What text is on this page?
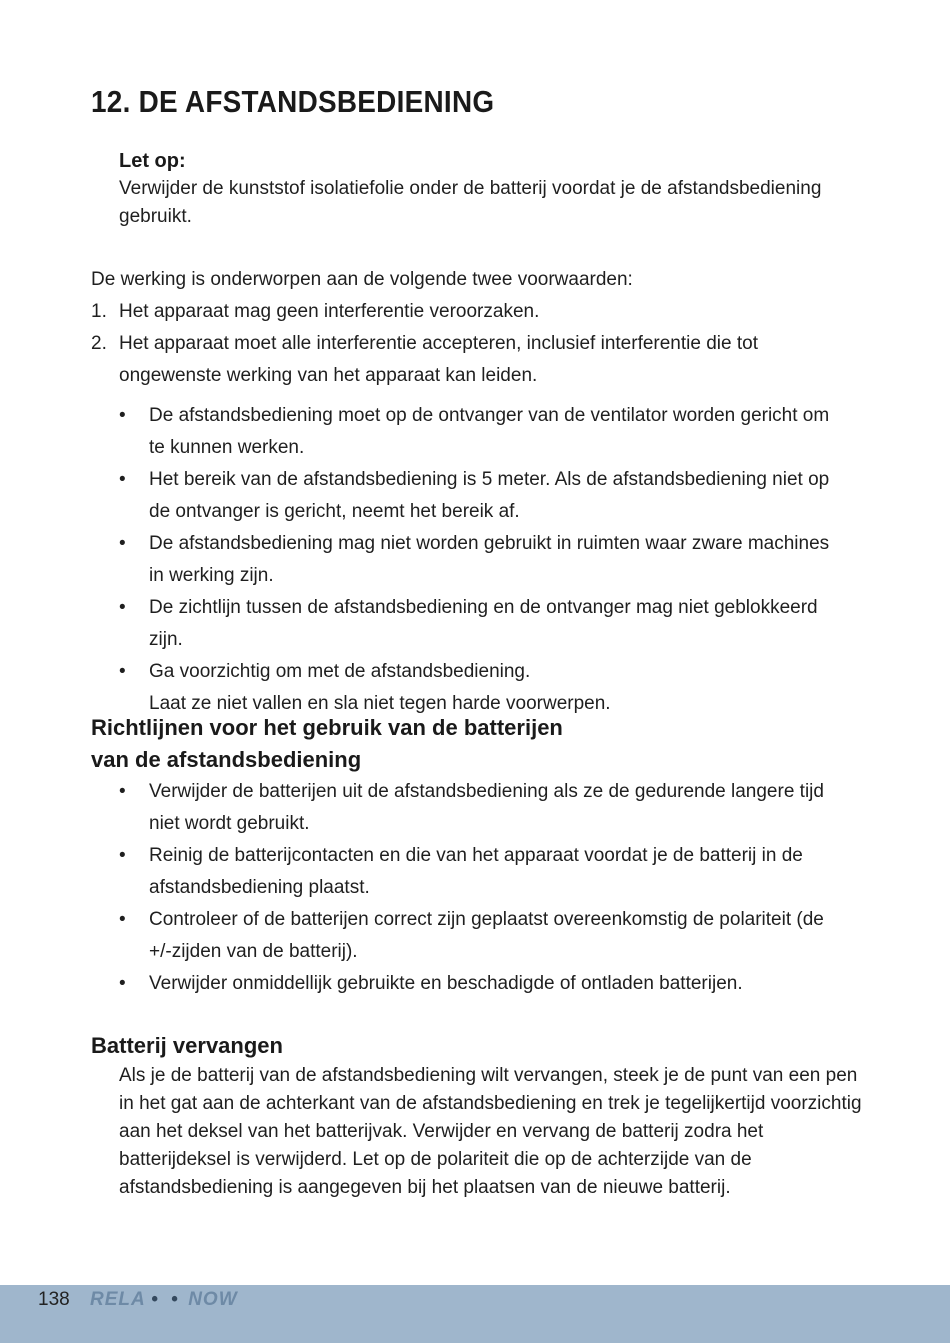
12. DE AFSTANDSBEDIENING
Let op:
Verwijder de kunststof isolatiefolie onder de batterij voordat je de afstandsbediening gebruikt.
De werking is onderworpen aan de volgende twee voorwaarden:
1. Het apparaat mag geen interferentie veroorzaken.
2. Het apparaat moet alle interferentie accepteren, inclusief interferentie die tot ongewenste werking van het apparaat kan leiden.
• De afstandsbediening moet op de ontvanger van de ventilator worden gericht om te kunnen werken.
• Het bereik van de afstandsbediening is 5 meter. Als de afstandsbediening niet op de ontvanger is gericht, neemt het bereik af.
• De afstandsbediening mag niet worden gebruikt in ruimten waar zware machines in werking zijn.
• De zichtlijn tussen de afstandsbediening en de ontvanger mag niet geblokkeerd zijn.
• Ga voorzichtig om met de afstandsbediening.
Laat ze niet vallen en sla niet tegen harde voorwerpen.
Richtlijnen voor het gebruik van de batterijen
van de afstandsbediening
• Verwijder de batterijen uit de afstandsbediening als ze de gedurende langere tijd niet wordt gebruikt.
• Reinig de batterijcontacten en die van het apparaat voordat je de batterij in de afstandsbediening plaatst.
• Controleer of de batterijen correct zijn geplaatst overeenkomstig de polariteit (de +/-zijden van de batterij).
• Verwijder onmiddellijk gebruikte en beschadigde of ontladen batterijen.
Batterij vervangen
Als je de batterij van de afstandsbediening wilt vervangen, steek je de punt van een pen in het gat aan de achterkant van de afstandsbediening en trek je tegelijkertijd voorzichtig aan het deksel van het batterijvak. Verwijder en vervang de batterij zodra het batterijdeksel is verwijderd. Let op de polariteit die op de achterzijde van de afstandsbediening is aangegeven bij het plaatsen van de nieuwe batterij.
138 RELA • • NOW
